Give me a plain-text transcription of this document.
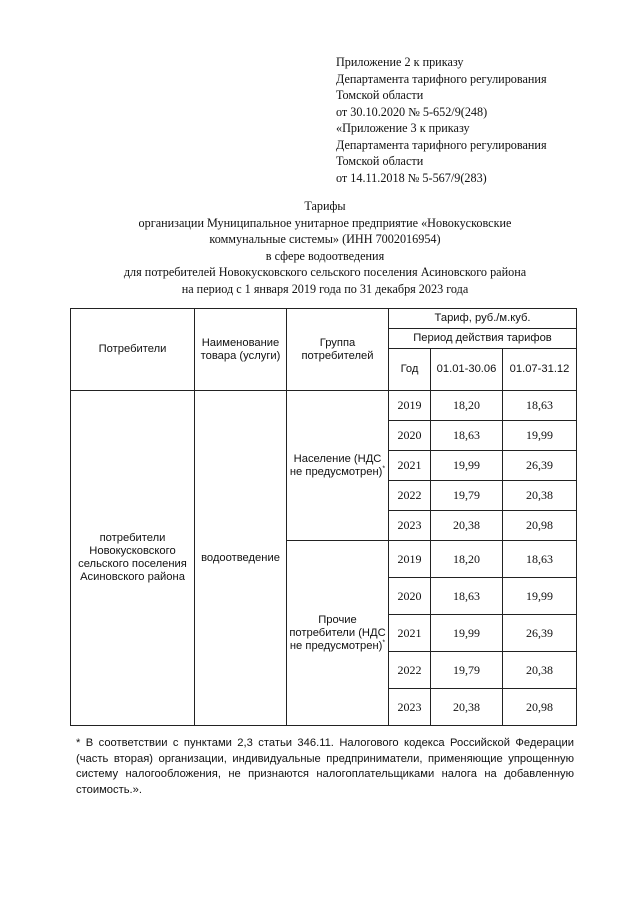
Приложение 2 к приказу
Департамента тарифного регулирования
Томской области
от 30.10.2020 № 5-652/9(248)
«Приложение 3 к приказу
Департамента тарифного регулирования
Томской области
от 14.11.2018 № 5-567/9(283)
Тарифы
организации Муниципальное унитарное предприятие «Новокусковские
коммунальные системы» (ИНН 7002016954)
в сфере водоотведения
для потребителей Новокусковского сельского поселения Асиновского района
на период с 1 января 2019 года по 31 декабря 2023 года
Потребители	Наименование товара (услуги)	Группа потребителей	Тариф, руб./м.куб.		
			Период действия тарифов		
			Год	01.01-30.06	01.07-31.12
потребители Новокусковского сельского поселения Асиновского района	водоотведение	Население (НДС не предусмотрен)*	2019	18,20	18,63
			2020	18,63	19,99
			2021	19,99	26,39
			2022	19,79	20,38
			2023	20,38	20,98
		Прочие потребители (НДС не предусмотрен)*	2019	18,20	18,63
			2020	18,63	19,99
			2021	19,99	26,39
			2022	19,79	20,38
			2023	20,38	20,98
* В соответствии с пунктами 2,3 статьи 346.11. Налогового кодекса Российской Федерации (часть вторая) организации, индивидуальные предприниматели, применяющие упрощенную систему налогообложения, не признаются налогоплательщиками налога на добавленную стоимость.».
